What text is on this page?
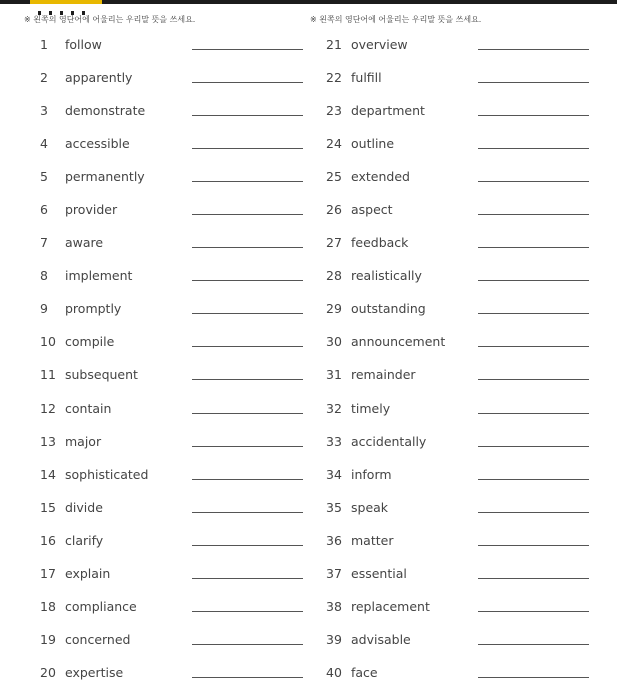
※ 왼쪽의 영단어에 어울리는 우리말 뜻을 쓰세요.
1 follow
2 apparently
3 demonstrate
4 accessible
5 permanently
6 provider
7 aware
8 implement
9 promptly
10 compile
11 subsequent
12 contain
13 major
14 sophisticated
15 divide
16 clarify
17 explain
18 compliance
19 concerned
20 expertise
※ 왼쪽의 영단어에 어울리는 우리말 뜻을 쓰세요.
21 overview
22 fulfill
23 department
24 outline
25 extended
26 aspect
27 feedback
28 realistically
29 outstanding
30 announcement
31 remainder
32 timely
33 accidentally
34 inform
35 speak
36 matter
37 essential
38 replacement
39 advisable
40 face
